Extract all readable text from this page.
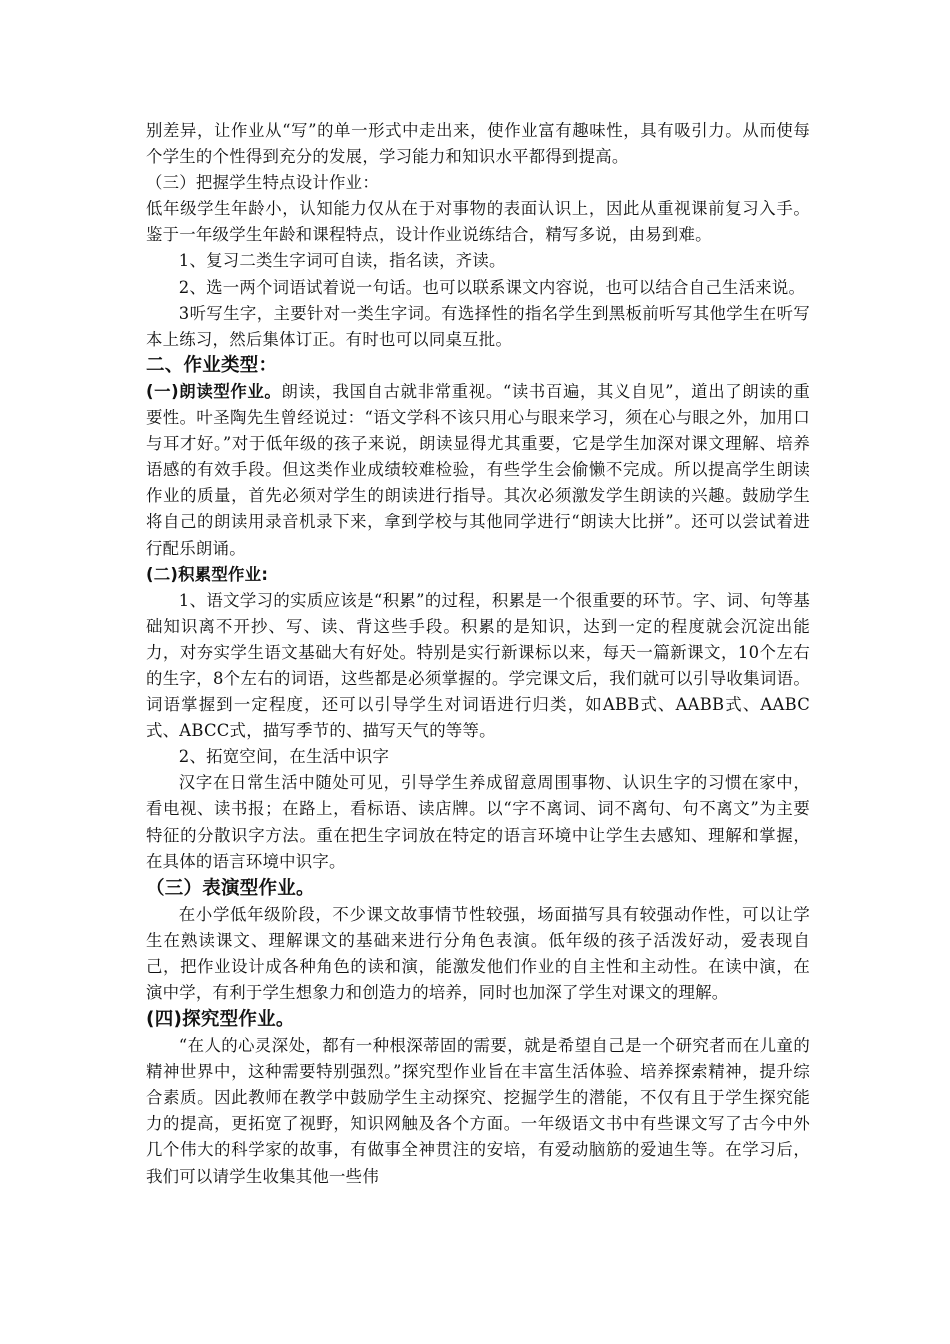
别差异，让作业从“写”的单一形式中走出来，使作业富有趣味性，具有吸引力。从而使每个学生的个性得到充分的发展，学习能力和知识水平都得到提高。

（三）把握学生特点设计作业：

低年级学生年龄小，认知能力仅从在于对事物的表面认识上，因此从重视课前复习入手。鉴于一年级学生年龄和课程特点，设计作业说练结合，精写多说，由易到难。

1、复习二类生字词可自读，指名读，齐读。

2、选一两个词语试着说一句话。也可以联系课文内容说，也可以结合自己生活来说。

3听写生字，主要针对一类生字词。有选择性的指名学生到黑板前听写其他学生在听写本上练习，然后集体订正。有时也可以同桌互批。

二、作业类型：

(一)朗读型作业。朗读，我国自古就非常重视。“读书百遍，其义自见”，道出了朗读的重要性。叶圣陶先生曾经说过：“语文学科不该只用心与眼来学习，须在心与眼之外，加用口与耳才好。”对于低年级的孩子来说，朗读显得尤其重要，它是学生加深对课文理解、培养语感的有效手段。但这类作业成绩较难检验，有些学生会偷懒不完成。所以提高学生朗读作业的质量，首先必须对学生的朗读进行指导。其次必须激发学生朗读的兴趣。鼓励学生将自己的朗读用录音机录下来，拿到学校与其他同学进行“朗读大比拼”。还可以尝试着进行配乐朗诵。

(二)积累型作业:

1、语文学习的实质应该是“积累”的过程，积累是一个很重要的环节。字、词、句等基础知识离不开抄、写、读、背这些手段。积累的是知识，达到一定的程度就会沉淀出能力，对夯实学生语文基础大有好处。特别是实行新课标以来，每天一篇新课文，10个左右的生字，8个左右的词语，这些都是必须掌握的。学完课文后，我们就可以引导收集词语。词语掌握到一定程度，还可以引导学生对词语进行归类，如ABB式、AABB式、AABC式、ABCC式，描写季节的、描写天气的等等。

2、拓宽空间，在生活中识字

汉字在日常生活中随处可见，引导学生养成留意周围事物、认识生字的习惯在家中，看电视、读书报；在路上，看标语、读店牌。以“字不离词、词不离句、句不离文”为主要特征的分散识字方法。重在把生字词放在特定的语言环境中让学生去感知、理解和掌握，在具体的语言环境中识字。

（三）表演型作业。

在小学低年级阶段，不少课文故事情节性较强，场面描写具有较强动作性，可以让学生在熟读课文、理解课文的基础来进行分角色表演。低年级的孩子活泼好动，爱表现自己，把作业设计成各种角色的读和演，能激发他们作业的自主性和主动性。在读中演，在演中学，有利于学生想象力和创造力的培养，同时也加深了学生对课文的理解。

(四)探究型作业。

“在人的心灵深处，都有一种根深蒂固的需要，就是希望自己是一个研究者而在儿童的精神世界中，这种需要特别强烈。”探究型作业旨在丰富生活体验、培养探索精神，提升综合素质。因此教师在教学中鼓励学生主动探究、挖掘学生的潜能，不仅有且于学生探究能力的提高，更拓宽了视野，知识网触及各个方面。一年级语文书中有些课文写了古今中外几个伟大的科学家的故事，有做事全神贯注的安培，有爱动脑筋的爱迪生等。在学习后，我们可以请学生收集其他一些伟
